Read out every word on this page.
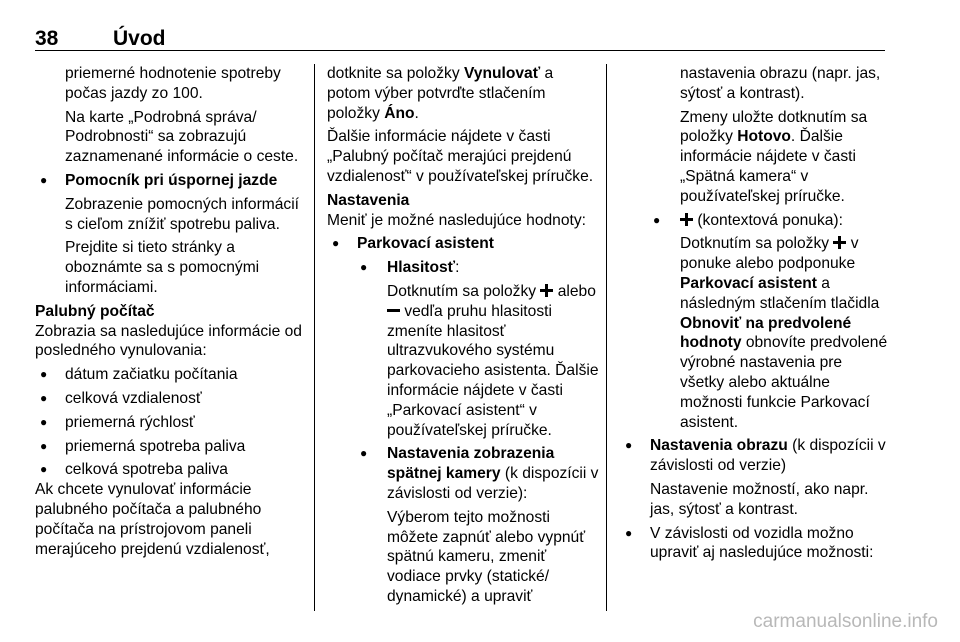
38	Úvod

priemerné hodnotenie spotreby počas jazdy zo 100.

Na karte „Podrobná správa/ Podrobnosti“ sa zobrazujú zaznamenané informácie o ceste.

● Pomocník pri úspornej jazde

Zobrazenie pomocných informácií s cieľom znížiť spotrebu paliva.

Prejdite si tieto stránky a oboznámte sa s pomocnými informáciami.

Palubný počítač

Zobrazia sa nasledujúce informácie od posledného vynulovania:

● dátum začiatku počítania

● celková vzdialenosť

● priemerná rýchlosť

● priemerná spotreba paliva

● celková spotreba paliva

Ak chcete vynulovať informácie palubného počítača a palubného počítača na prístrojovom paneli merajúceho prejdenú vzdialenosť,

dotknite sa položky Vynulovať a potom výber potvrďte stlačením položky Áno.

Ďalšie informácie nájdete v časti „Palubný počítač merajúci prejdenú vzdialenosť“ v používateľskej príručke.

Nastavenia

Meniť je možné nasledujúce hodnoty:

● Parkovací asistent

● Hlasitosť:

Dotknutím sa položky  alebo  vedľa pruhu hlasitosti zmeníte hlasitosť ultrazvukového systému parkovacieho asistenta. Ďalšie informácie nájdete v časti „Parkovací asistent“ v používateľskej príručke.

● Nastavenia zobrazenia spätnej kamery (k dispozícii v závislosti od verzie):

Výberom tejto možnosti môžete zapnúť alebo vypnúť spätnú kameru, zmeniť vodiace prvky (statické/ dynamické) a upraviť

nastavenia obrazu (napr. jas, sýtosť a kontrast).

Zmeny uložte dotknutím sa položky Hotovo. Ďalšie informácie nájdete v časti „Spätná kamera“ v používateľskej príručke.

● (kontextová ponuka):

Dotknutím sa položky  v ponuke alebo podponuke Parkovací asistent a následným stlačením tlačidla Obnoviť na predvolené hodnoty obnovíte predvolené výrobné nastavenia pre všetky alebo aktuálne možnosti funkcie Parkovací asistent.

● Nastavenia obrazu (k dispozícii v závislosti od verzie)

Nastavenie možností, ako napr. jas, sýtosť a kontrast.

● V závislosti od vozidla možno upraviť aj nasledujúce možnosti:

carmanualsonline.info
